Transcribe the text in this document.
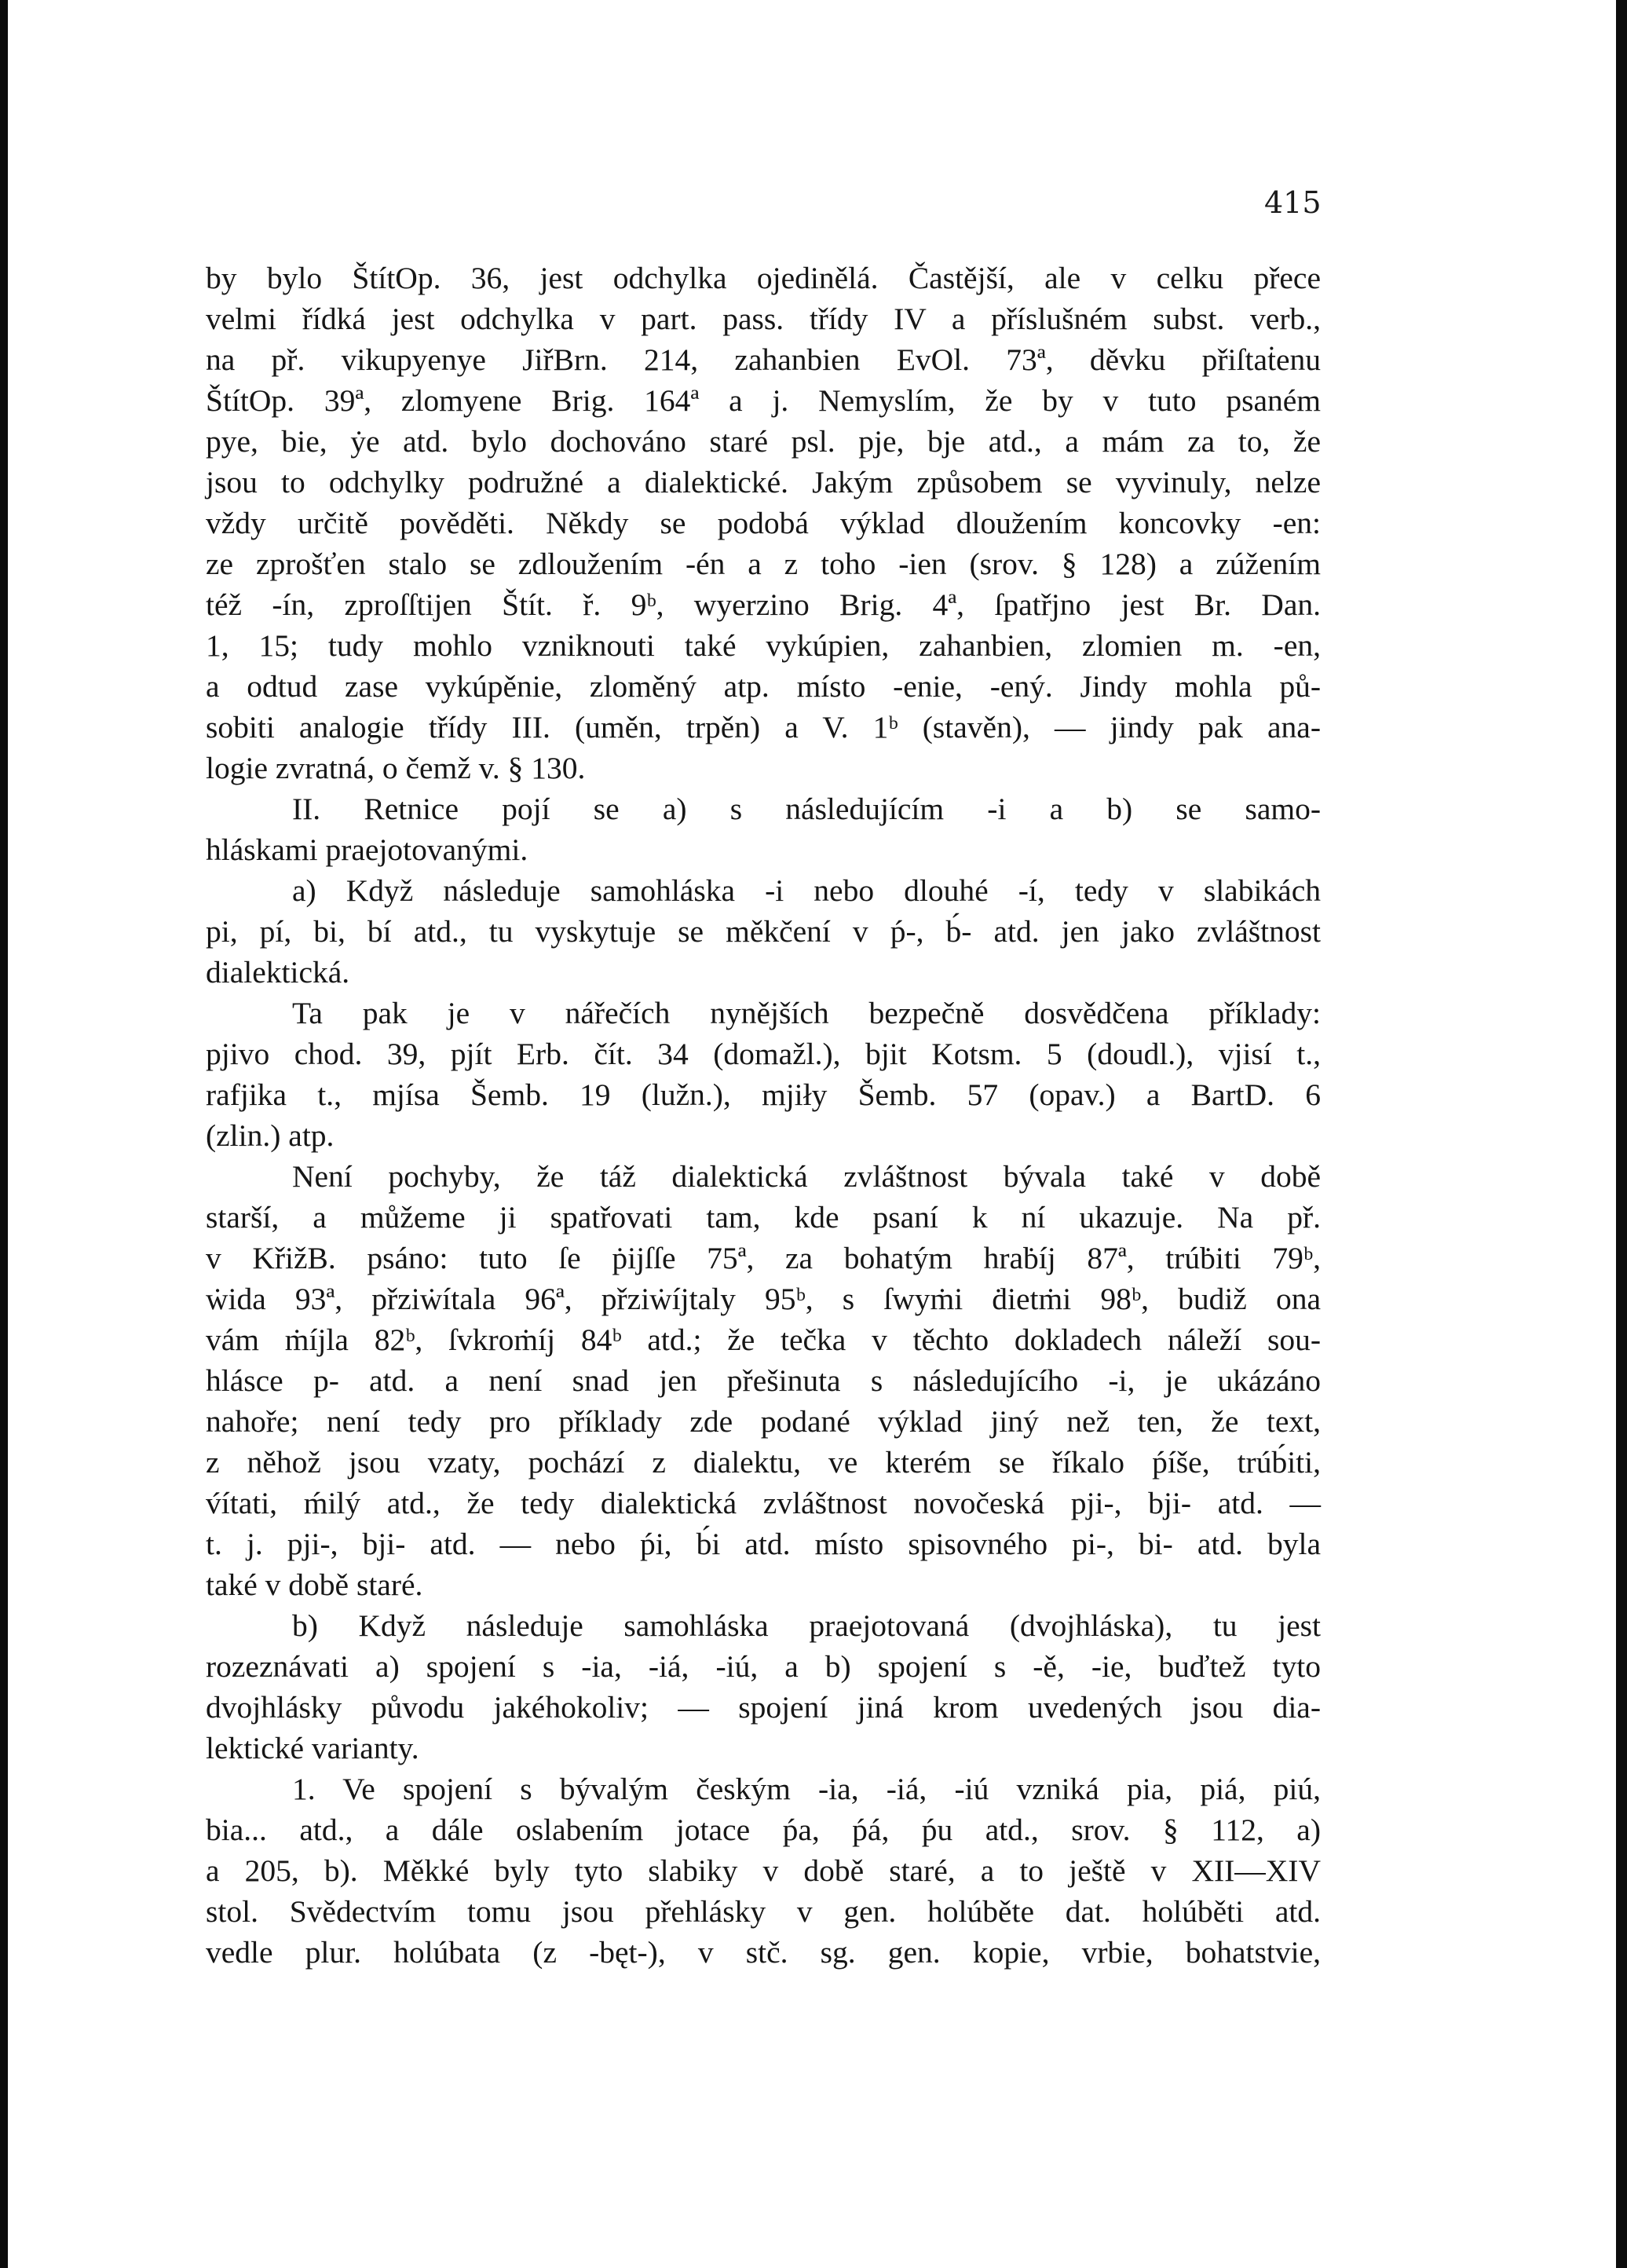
415

by bylo ŠtítOp. 36, jest odchylka ojedinělá. Častější, ale v celku přece

velmi řídká jest odchylka v part. pass. třídy IV a příslušném subst. verb.,

na př. vikupyenye JiřBrn. 214, zahanbien EvOl. 73ª, děvku přiſtaṫenu

ŠtítOp. 39ª, zlomyene Brig. 164ª a j. Nemyslím, že by v tuto psaném

pye, bie, ẏe atd. bylo dochováno staré psl. pje, bje atd., a mám za to, že

jsou to odchylky podružné a dialektické. Jakým způsobem se vyvinuly, nelze

vždy určitě pověděti. Někdy se podobá výklad dloužením koncovky -en:

ze zprošťen stalo se zdloužením -én a z toho -ien (srov. § 128) a zúžením

též -ín, zproſſtijen Štít. ř. 9ᵇ, wyerzino Brig. 4ª, ſpatřjno jest Br. Dan.

1, 15; tudy mohlo vzniknouti také vykúpien, zahanbien, zlomien m. -en,

a odtud zase vykúpěnie, zloměný atp. místo -enie, -ený. Jindy mohla pů-

sobiti analogie třídy III. (uměn, trpěn) a V. 1ᵇ (stavěn), — jindy pak ana-

logie zvratná, o čemž v. § 130.

II. Retnice pojí se a) s následujícím -i a b) se samo-

hláskami praejotovanými.

a) Když následuje samohláska -i nebo dlouhé -í, tedy v slabikách

pi, pí, bi, bí atd., tu vyskytuje se měkčení v ṕ-, b́- atd. jen jako zvláštnost

dialektická.

Ta pak je v nářečích nynějších bezpečně dosvědčena příklady:

pjivo chod. 39, pjít Erb. čít. 34 (domažl.), bjit Kotsm. 5 (doudl.), vjisí t.,

rafjika t., mjísa Šemb. 19 (lužn.), mjiły Šemb. 57 (opav.) a BartD. 6

(zlin.) atp.

Není pochyby, že táž dialektická zvláštnost bývala také v době

starší, a můžeme ji spatřovati tam, kde psaní k ní ukazuje. Na př.

v KřižB. psáno: tuto ſe ṗijſſe 75ª, za bohatým hraḃíj 87ª, trúḃiti 79ᵇ,

ẇida 93ª, přziẇítala 96ª, přziẇíjtaly 95ᵇ, s ſwyṁi ḋietṁi 98ᵇ, budiž ona

vám ṁíjla 82ᵇ, ſvkroṁíj 84ᵇ atd.; že tečka v těchto dokladech náleží sou-

hlásce p- atd. a není snad jen přešinuta s následujícího -i, je ukázáno

nahoře; není tedy pro příklady zde podané výklad jiný než ten, že text,

z něhož jsou vzaty, pochází z dialektu, ve kterém se říkalo ṕíše, trúb́iti,

v́ítati, ḿilý atd., že tedy dialektická zvláštnost novočeská pji-, bji- atd. —

t. j. pji-, bji- atd. — nebo ṕi, b́i atd. místo spisovného pi-, bi- atd. byla

také v době staré.

b) Když následuje samohláska praejotovaná (dvojhláska), tu jest

rozeznávati a) spojení s -ia, -iá, -iú, a b) spojení s -ě, -ie, buďtež tyto

dvojhlásky původu jakéhokoliv; — spojení jiná krom uvedených jsou dia-

lektické varianty.

1. Ve spojení s bývalým českým -ia, -iá, -iú vzniká pia, piá, piú,

bia... atd., a dále oslabením jotace ṕa, ṕá, ṕu atd., srov. § 112, a)

a 205, b). Měkké byly tyto slabiky v době staré, a to ještě v XII—XIV

stol. Svědectvím tomu jsou přehlásky v gen. holúběte dat. holúběti atd.

vedle plur. holúbata (z -bęt-), v stč. sg. gen. kopie, vrbie, bohatstvie,
